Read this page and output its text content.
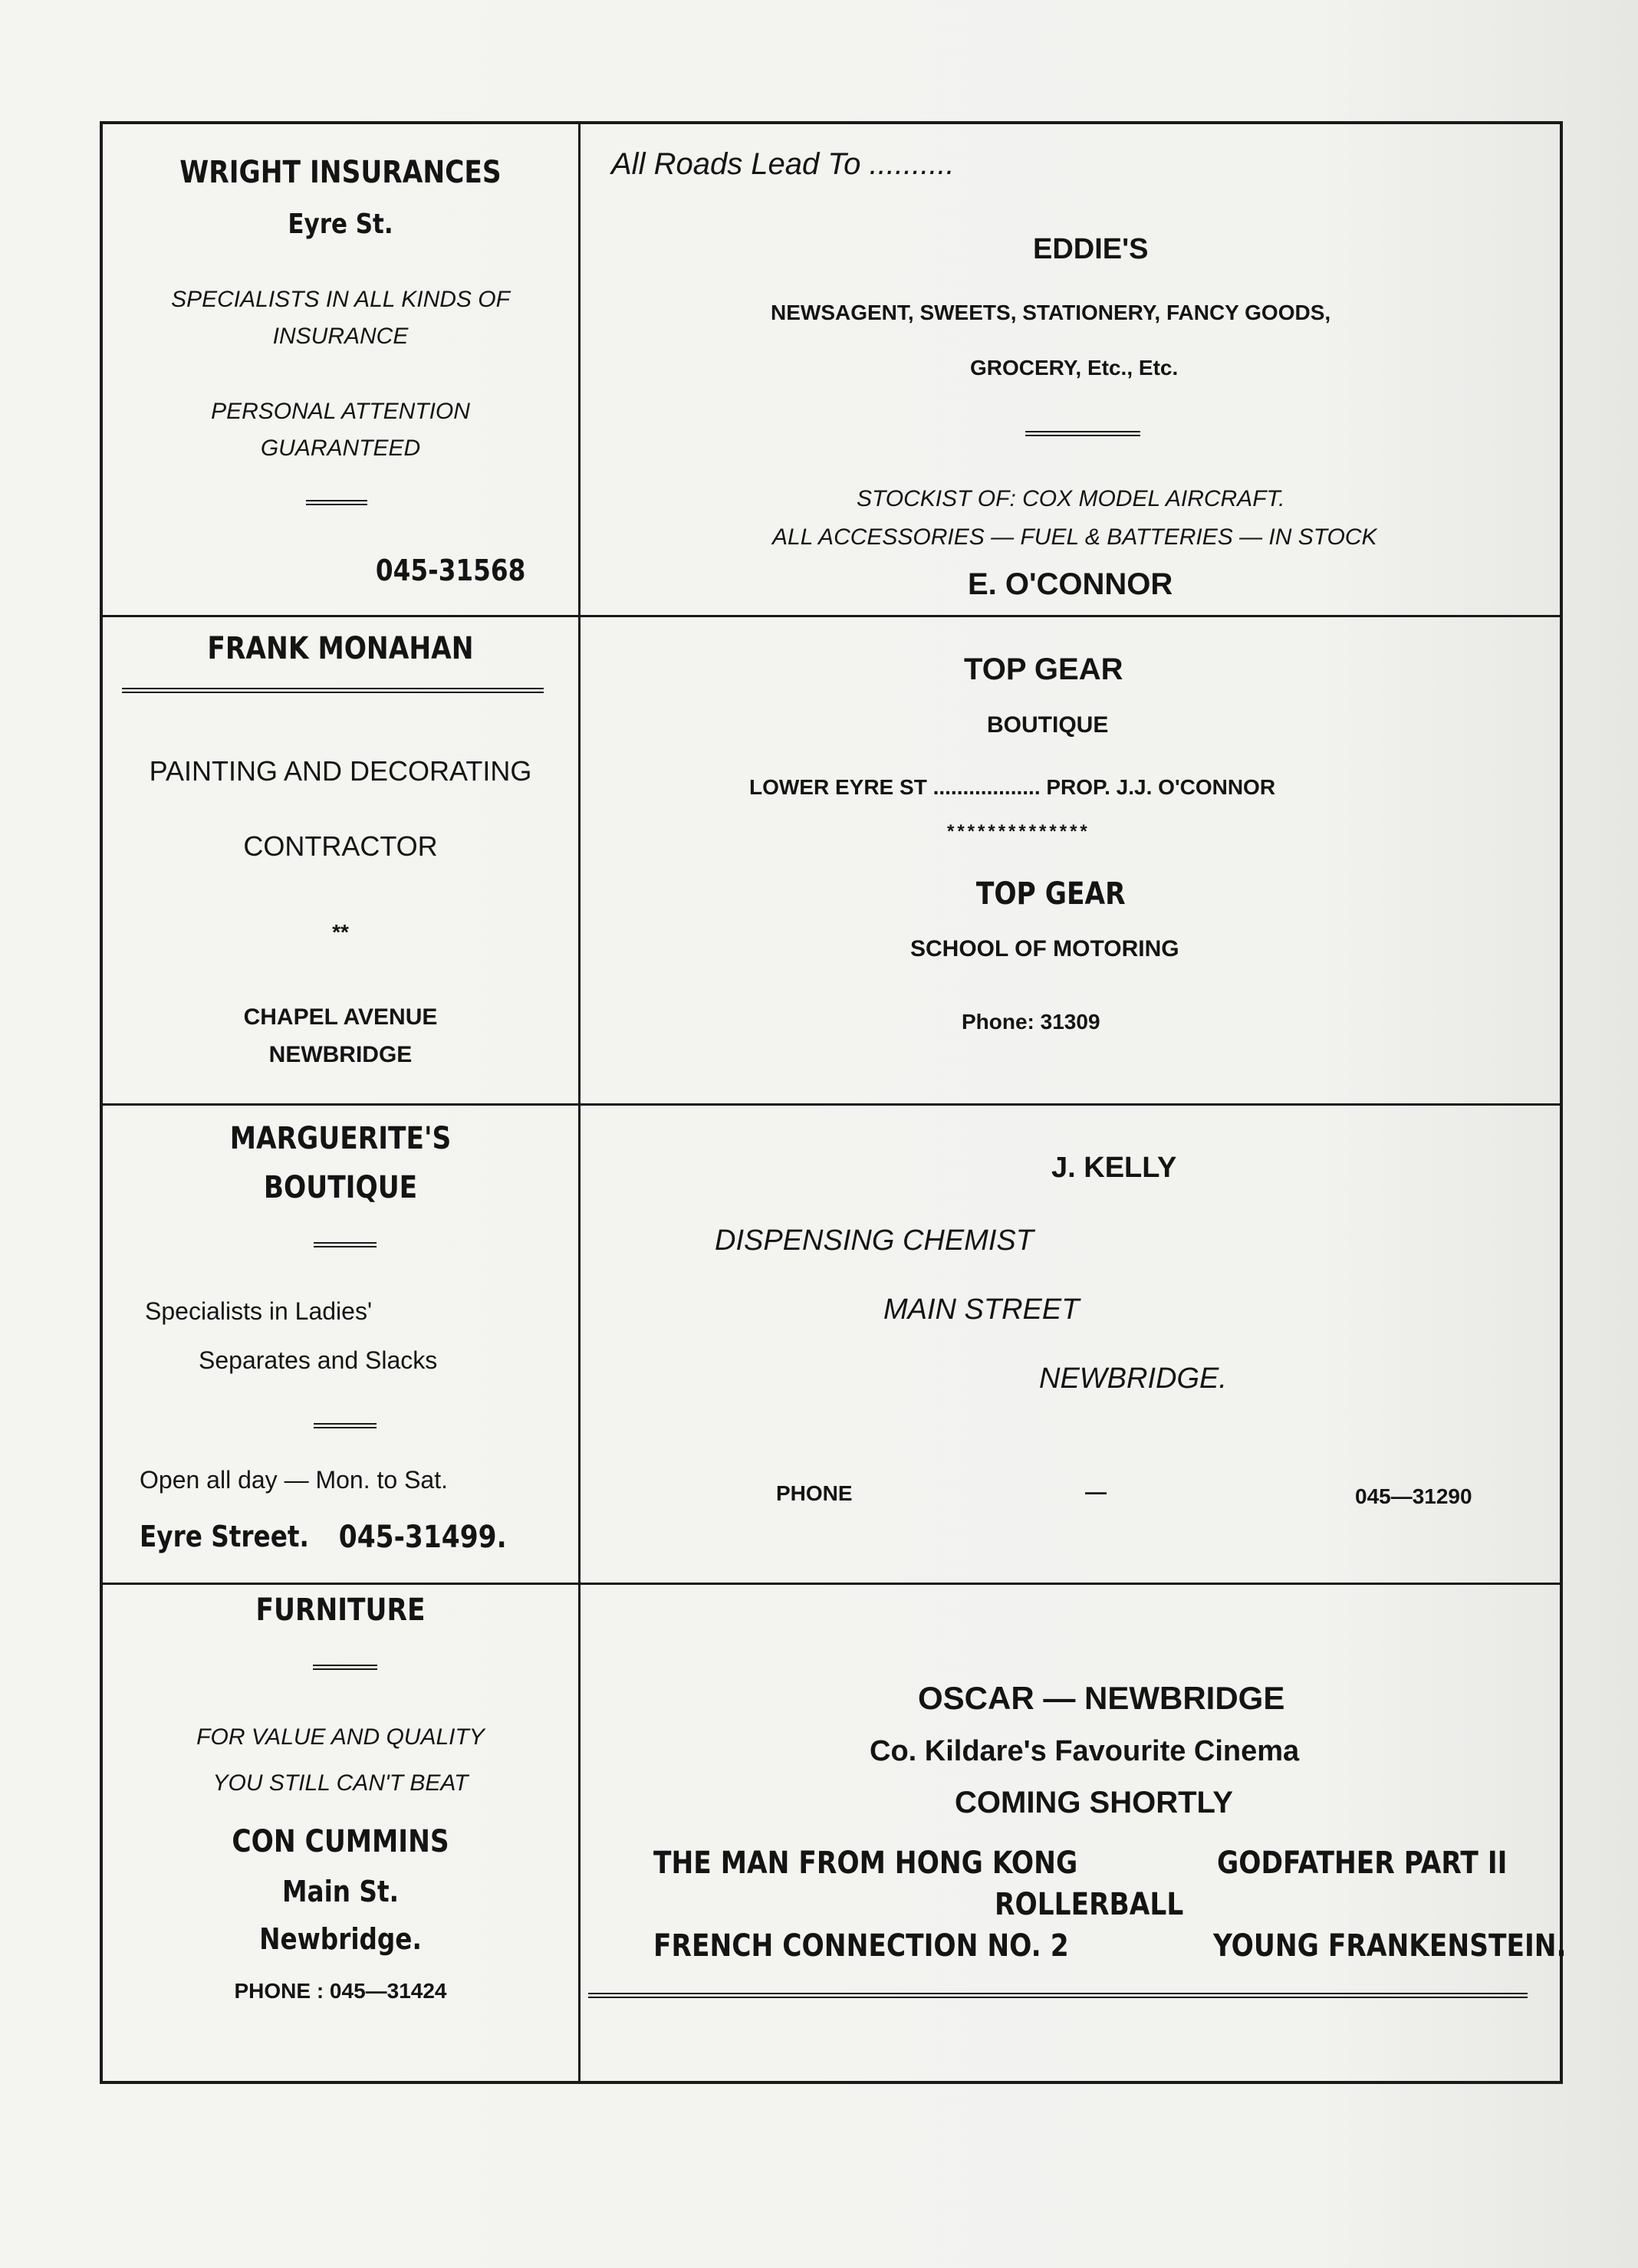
WRIGHT INSURANCES
Eyre St.
SPECIALISTS IN ALL KINDS OF
INSURANCE
PERSONAL ATTENTION
GUARANTEED
045-31568
All Roads Lead To ..........
EDDIE'S
NEWSAGENT, SWEETS, STATIONERY, FANCY GOODS,
GROCERY, Etc., Etc.
STOCKIST OF: COX MODEL AIRCRAFT.
ALL ACCESSORIES — FUEL & BATTERIES — IN STOCK
E. O'CONNOR
FRANK MONAHAN
PAINTING AND DECORATING
CONTRACTOR
**
CHAPEL AVENUE
NEWBRIDGE
TOP GEAR
BOUTIQUE
LOWER EYRE ST .................. PROP. J.J. O'CONNOR
**************
TOP GEAR
SCHOOL OF MOTORING
Phone: 31309
MARGUERITE'S
BOUTIQUE
Specialists in Ladies'
Separates and Slacks
Open all day — Mon. to Sat.
Eyre Street. 045-31499.
J. KELLY
DISPENSING CHEMIST
MAIN STREET
NEWBRIDGE.
PHONE	—	045—31290
FURNITURE
FOR VALUE AND QUALITY
YOU STILL CAN'T BEAT
CON CUMMINS
Main St.
Newbridge.
PHONE : 045—31424
OSCAR — NEWBRIDGE
Co. Kildare's Favourite Cinema
COMING SHORTLY
THE MAN FROM HONG KONG	GODFATHER PART II
ROLLERBALL
FRENCH CONNECTION NO. 2	YOUNG FRANKENSTEIN.
